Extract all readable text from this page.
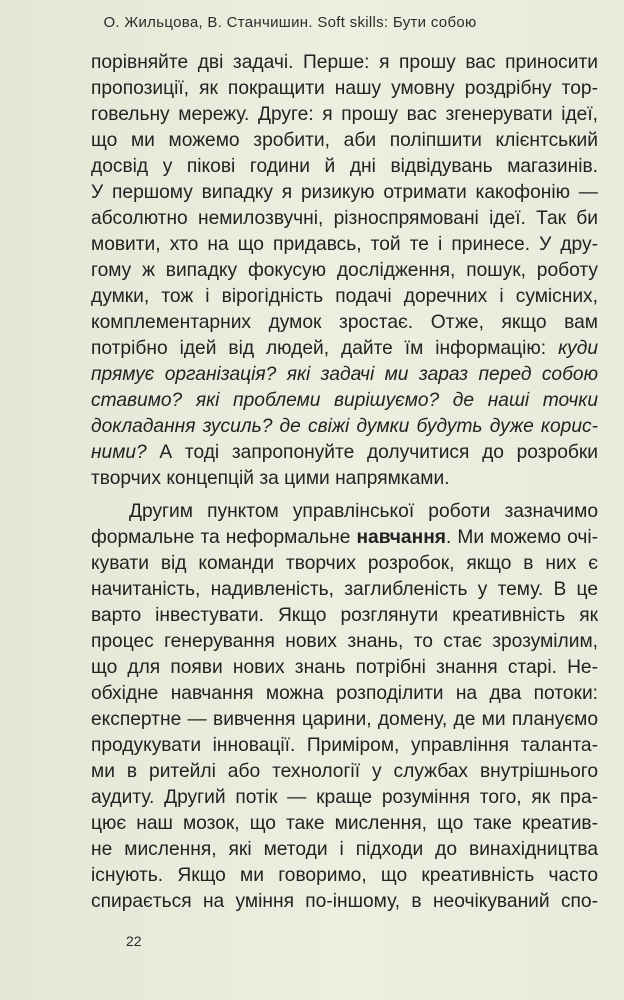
О. Жильцова, В. Станчишин. Soft skills: Бути собою
порівняйте дві задачі. Перше: я прошу вас приносити
пропозиції, як покращити нашу умовну роздрібну тор-
говельну мережу. Друге: я прошу вас згенерувати ідеї,
що ми можемо зробити, аби поліпшити клієнтський
досвід у пікові години й дні відвідувань магазинів.
У першому випадку я ризикую отримати какофонію —
абсолютно немилозвучні, різноспрямовані ідеї. Так би
мовити, хто на що придавсь, той те і принесе. У дру-
гому ж випадку фокусую дослідження, пошук, роботу
думки, тож і вірогідність подачі доречних і сумісних,
комплементарних думок зростає. Отже, якщо вам
потрібно ідей від людей, дайте їм інформацію: куди
прямує організація? які задачі ми зараз перед собою
ставимо? які проблеми вирішуємо? де наші точки
докладання зусиль? де свіжі думки будуть дуже корис-
ними? А тоді запропонуйте долучитися до розробки
творчих концепцій за цими напрямками.
Другим пунктом управлінської роботи зазначимо
формальне та неформальне навчання. Ми можемо очі-
кувати від команди творчих розробок, якщо в них є
начитаність, надивленість, заглибленість у тему. В це
варто інвестувати. Якщо розглянути креативність як
процес генерування нових знань, то стає зрозумілим,
що для появи нових знань потрібні знання старі. Не-
обхідне навчання можна розподілити на два потоки:
експертне — вивчення царини, домену, де ми плануємо
продукувати інновації. Приміром, управління таланта-
ми в ритейлі або технології у службах внутрішнього
аудиту. Другий потік — краще розуміння того, як пра-
цює наш мозок, що таке мислення, що таке креатив-
не мислення, які методи і підходи до винахідництва
існують. Якщо ми говоримо, що креативність часто
спирається на уміння по-іншому, в неочікуваний спо-
22
